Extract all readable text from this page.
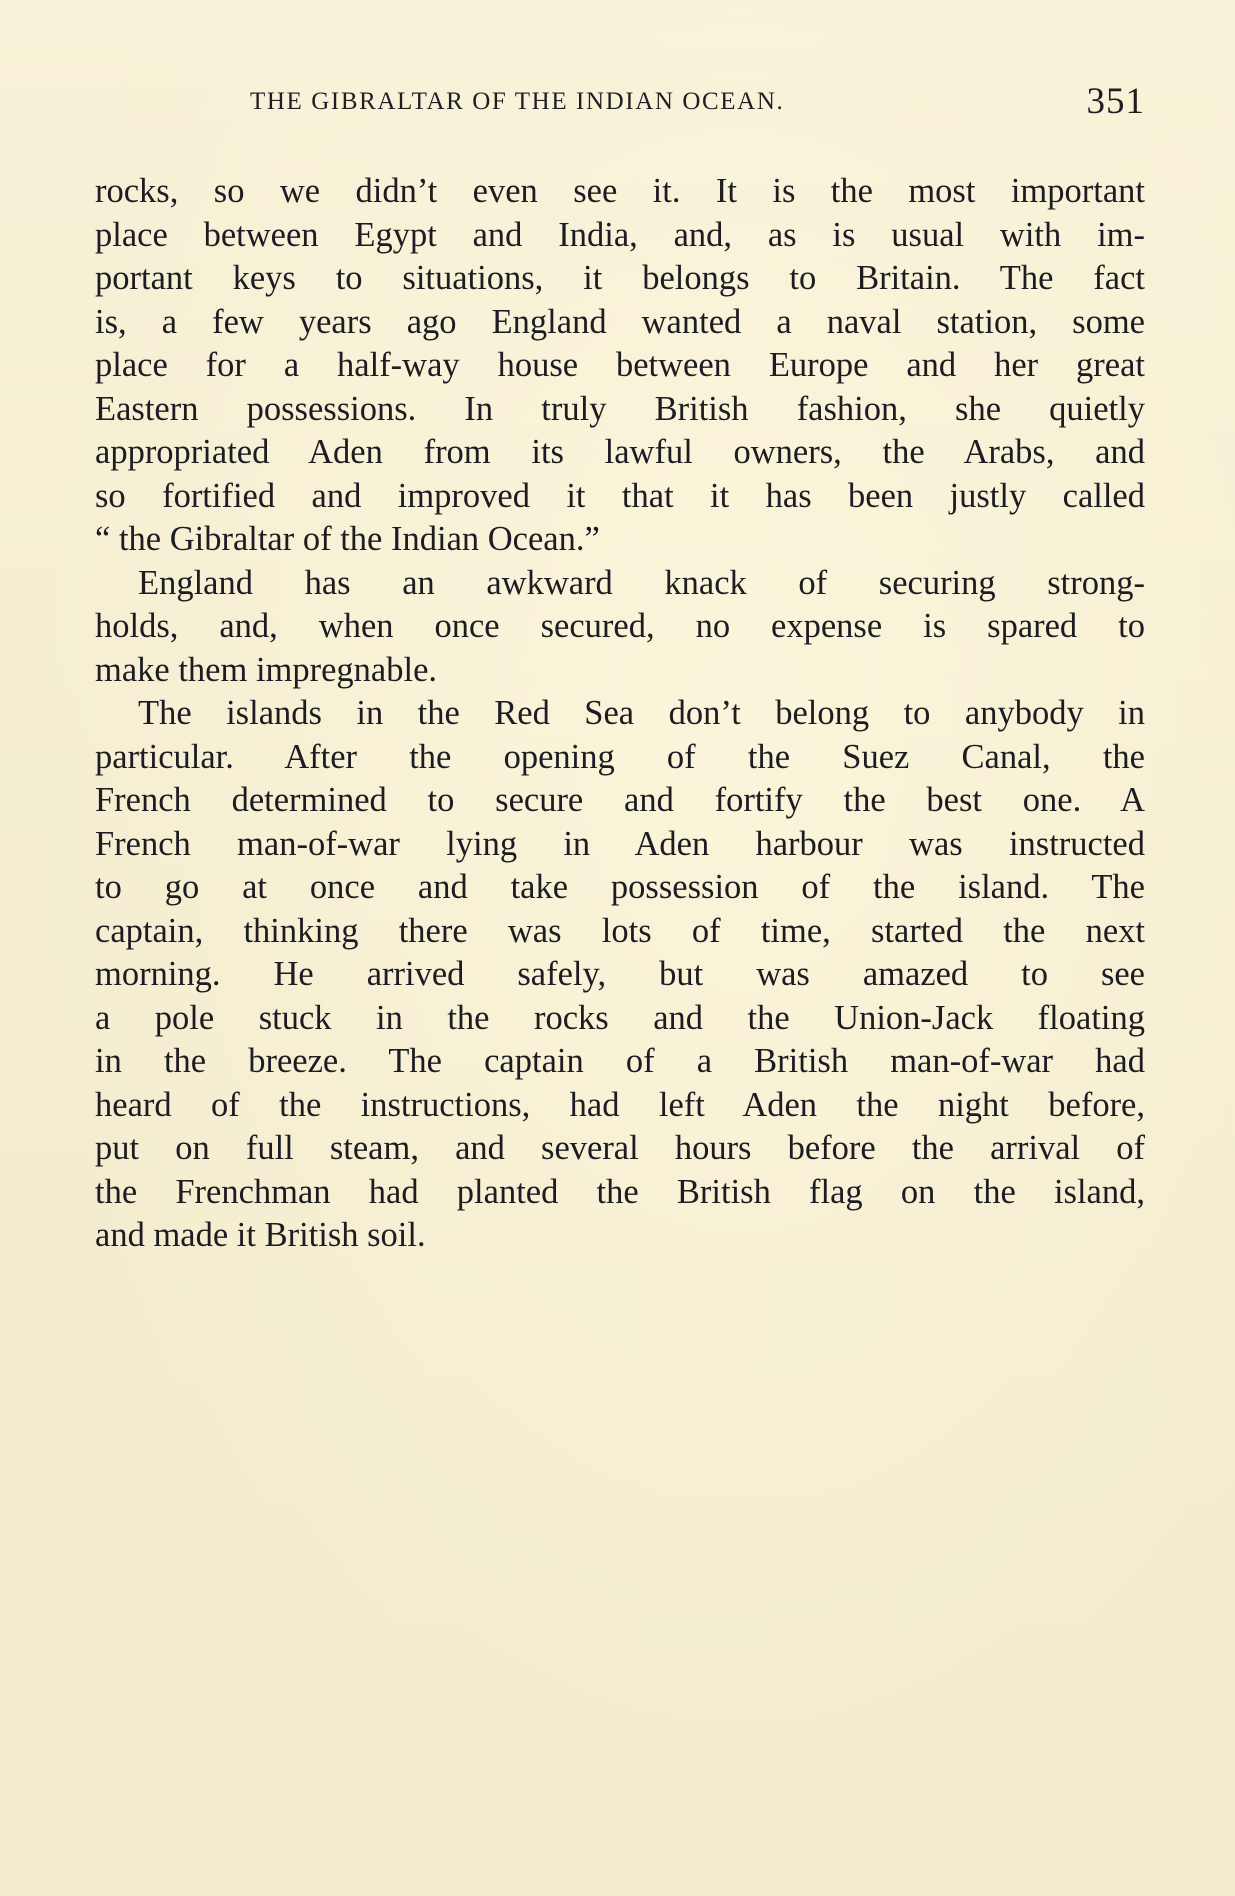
THE GIBRALTAR OF THE INDIAN OCEAN.	351
rocks, so we didn’t even see it. It is the most important
place between Egypt and India, and, as is usual with im-
portant keys to situations, it belongs to Britain. The fact
is, a few years ago England wanted a naval station, some
place for a half-way house between Europe and her great
Eastern possessions. In truly British fashion, she quietly
appropriated Aden from its lawful owners, the Arabs, and
so fortified and improved it that it has been justly called
“ the Gibraltar of the Indian Ocean.”
England has an awkward knack of securing strong-
holds, and, when once secured, no expense is spared to
make them impregnable.
The islands in the Red Sea don’t belong to anybody in
particular. After the opening of the Suez Canal, the
French determined to secure and fortify the best one. A
French man-of-war lying in Aden harbour was instructed
to go at once and take possession of the island. The
captain, thinking there was lots of time, started the next
morning. He arrived safely, but was amazed to see
a pole stuck in the rocks and the Union-Jack floating
in the breeze. The captain of a British man-of-war had
heard of the instructions, had left Aden the night before,
put on full steam, and several hours before the arrival of
the Frenchman had planted the British flag on the island,
and made it British soil.
